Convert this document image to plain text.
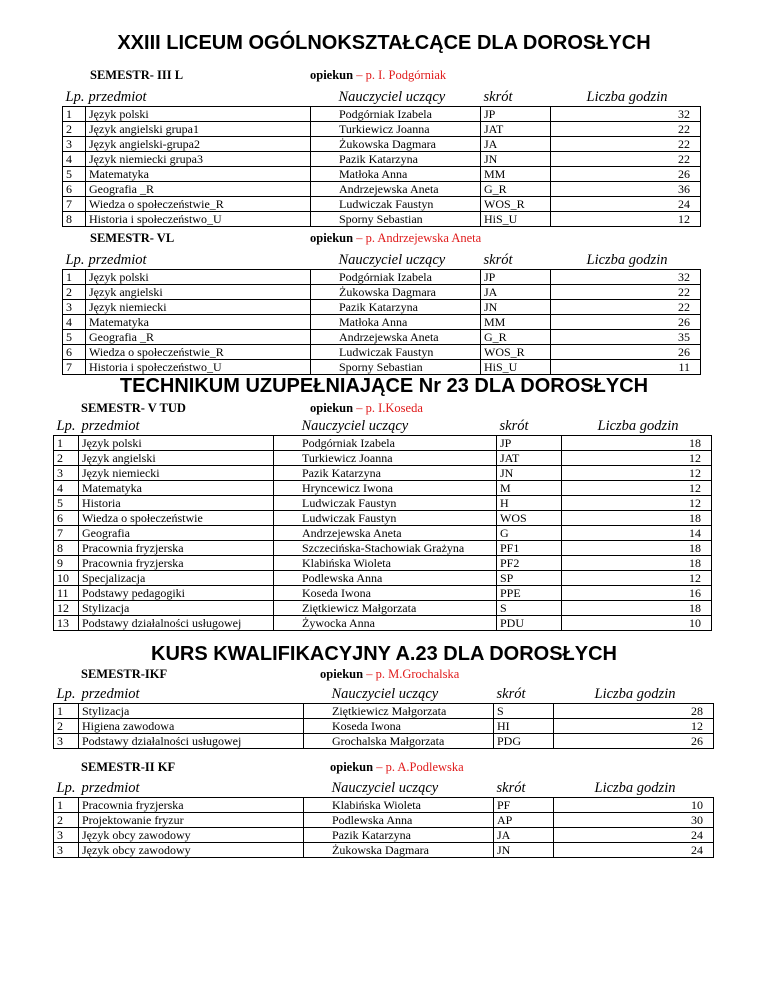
XXIII LICEUM OGÓLNOKSZTAŁCĄCE DLA DOROSŁYCH
TECHNIKUM UZUPEŁNIAJĄCE Nr 23 DLA DOROSŁYCH
KURS KWALIFIKACYJNY A.23 DLA DOROSŁYCH
SEMESTR- III L	opiekun – p. I. Podgórniak
Lp.	przedmiot	Nauczyciel uczący	skrót	Liczba godzin
1	Język polski	Podgórniak Izabela	JP	32
2	Język angielski grupa1	Turkiewicz Joanna	JAT	22
3	Język angielski-grupa2	Żukowska Dagmara	JA	22
4	Język niemiecki grupa3	Pazik Katarzyna	JN	22
5	Matematyka	Matłoka Anna	MM	26
6	Geografia _R	Andrzejewska Aneta	G_R	36
7	Wiedza o społeczeństwie_R	Ludwiczak Faustyn	WOS_R	24
8	Historia i społeczeństwo_U	Sporny Sebastian	HiS_U	12
SEMESTR- VL	opiekun – p. Andrzejewska Aneta
Lp.	przedmiot	Nauczyciel uczący	skrót	Liczba godzin
1	Język polski	Podgórniak Izabela	JP	32
2	Język angielski	Żukowska Dagmara	JA	22
3	Język niemiecki	Pazik Katarzyna	JN	22
4	Matematyka	Matłoka Anna	MM	26
5	Geografia _R	Andrzejewska Aneta	G_R	35
6	Wiedza o społeczeństwie_R	Ludwiczak Faustyn	WOS_R	26
7	Historia i społeczeństwo_U	Sporny Sebastian	HiS_U	11
SEMESTR- V TUD	opiekun – p. I.Koseda
Lp.	przedmiot	Nauczyciel uczący	skrót	Liczba godzin
1	Język polski	Podgórniak Izabela	JP	18
2	Język angielski	Turkiewicz Joanna	JAT	12
3	Język niemiecki	Pazik Katarzyna	JN	12
4	Matematyka	Hryncewicz Iwona	M	12
5	Historia	Ludwiczak Faustyn	H	12
6	Wiedza o społeczeństwie	Ludwiczak Faustyn	WOS	18
7	Geografia	Andrzejewska Aneta	G	14
8	Pracownia fryzjerska	Szczecińska-Stachowiak Grażyna	PF1	18
9	Pracownia fryzjerska	Klabińska Wioleta	PF2	18
10	Specjalizacja	Podlewska Anna	SP	12
11	Podstawy pedagogiki	Koseda Iwona	PPE	16
12	Stylizacja	Ziętkiewicz Małgorzata	S	18
13	Podstawy działalności usługowej	Żywocka Anna	PDU	10
SEMESTR-IKF	opiekun – p. M.Grochalska
Lp.	przedmiot	Nauczyciel uczący	skrót	Liczba godzin
1	Stylizacja	Ziętkiewicz Małgorzata	S	28
2	Higiena zawodowa	Koseda Iwona	HI	12
3	Podstawy działalności usługowej	Grochalska Małgorzata	PDG	26
SEMESTR-II KF	opiekun – p. A.Podlewska
Lp.	przedmiot	Nauczyciel uczący	skrót	Liczba godzin
1	Pracownia fryzjerska	Klabińska Wioleta	PF	10
2	Projektowanie fryzur	Podlewska Anna	AP	30
3	Język obcy zawodowy	Pazik Katarzyna	JA	24
3	Język obcy zawodowy	Żukowska Dagmara	JN	24
